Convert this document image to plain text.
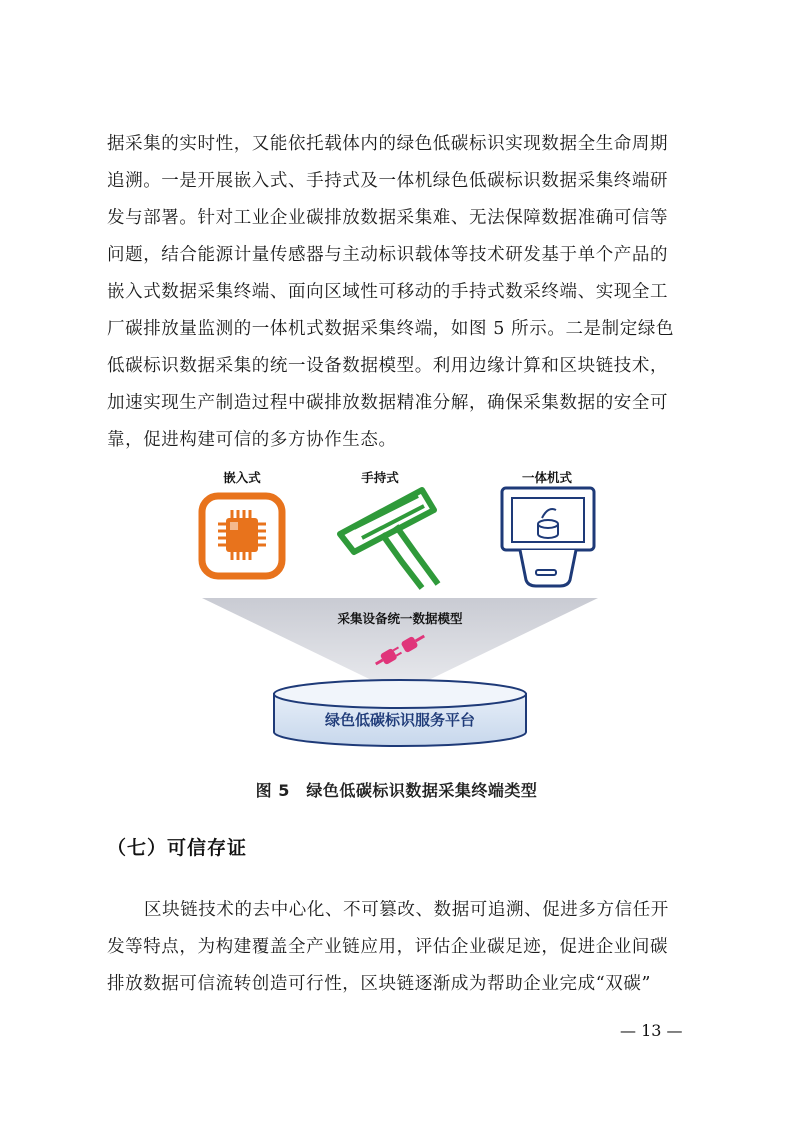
据采集的实时性，又能依托载体内的绿色低碳标识实现数据全生命周期
追溯。一是开展嵌入式、手持式及一体机绿色低碳标识数据采集终端研
发与部署。针对工业企业碳排放数据采集难、无法保障数据准确可信等
问题，结合能源计量传感器与主动标识载体等技术研发基于单个产品的
嵌入式数据采集终端、面向区域性可移动的手持式数采终端、实现全工
厂碳排放量监测的一体机式数据采集终端，如图 5 所示。二是制定绿色
低碳标识数据采集的统一设备数据模型。利用边缘计算和区块链技术，
加速实现生产制造过程中碳排放数据精准分解，确保采集数据的安全可
靠，促进构建可信的多方协作生态。
嵌入式	手持式	一体机式
采集设备统一数据模型
绿色低碳标识服务平台
图 5　绿色低碳标识数据采集终端类型
（七）可信存证
区块链技术的去中心化、不可篡改、数据可追溯、促进多方信任开
发等特点，为构建覆盖全产业链应用，评估企业碳足迹，促进企业间碳
排放数据可信流转创造可行性，区块链逐渐成为帮助企业完成“双碳”
— 13 —
